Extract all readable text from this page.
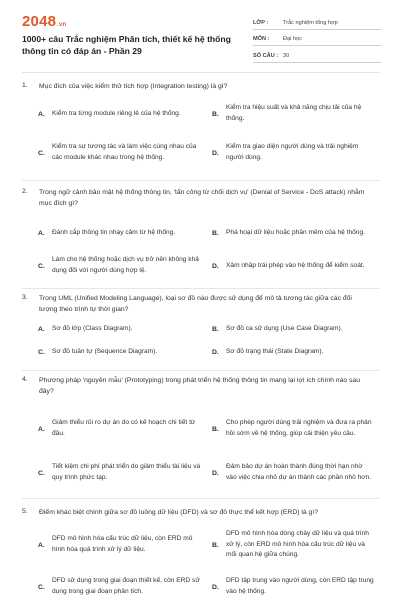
2048.vn
1000+ câu Trắc nghiệm Phân tích, thiết kế hệ thống thông tin có đáp án - Phần 29
LỚP :	Trắc nghiệm tổng hợp
MÔN :	Đại học
SỐ CÂU : 30
1. Mục đích của việc kiểm thử tích hợp (Integration testing) là gì?
A.	Kiểm tra từng module riêng lẻ của hệ thống.	B.
Kiểm tra hiệu suất và khả năng chịu tải của hệ thống.
C.
Kiểm tra sự tương tác và làm việc cùng nhau của các module khác nhau trong hệ thống.
D.
Kiểm tra giao diện người dùng và trải nghiệm người dùng.
2. Trong ngữ cảnh bảo mật hệ thống thông tin, 'tấn công từ chối dịch vụ' (Denial of Service - DoS attack) nhằm mục đích gì?
A.	Đánh cắp thông tin nhạy cảm từ hệ thống.	B.	Phá hoại dữ liệu hoặc phần mềm của hệ thống.
C.
Làm cho hệ thống hoặc dịch vụ trở nên không khả dụng đối với người dùng hợp lệ.
D.	Xâm nhập trái phép vào hệ thống để kiểm soát.
3. Trong UML (Unified Modeling Language), loại sơ đồ nào được sử dụng để mô tả tương tác giữa các đối tượng theo trình tự thời gian?
A.	Sơ đồ lớp (Class Diagram).	B.	Sơ đồ ca sử dụng (Use Case Diagram).
C.	Sơ đồ tuần tự (Sequence Diagram).	D.	Sơ đồ trạng thái (State Diagram).
4. Phương pháp 'nguyên mẫu' (Prototyping) trong phát triển hệ thống thông tin mang lại lợi ích chính nào sau đây?
A.
Giảm thiểu rủi ro dự án do có kế hoạch chi tiết từ đầu.
B.
Cho phép người dùng trải nghiệm và đưa ra phản hồi sớm về hệ thống, giúp cải thiện yêu cầu.
C.
Tiết kiệm chi phí phát triển do giảm thiểu tài liệu và quy trình phức tạp.
D.
Đảm bảo dự án hoàn thành đúng thời hạn nhờ vào việc chia nhỏ dự án thành các phần nhỏ hơn.
5. Điểm khác biệt chính giữa sơ đồ luồng dữ liệu (DFD) và sơ đồ thực thể kết hợp (ERD) là gì?
A.
DFD mô hình hóa cấu trúc dữ liệu, còn ERD mô hình hóa quá trình xử lý dữ liệu.
B.
DFD mô hình hóa dòng chảy dữ liệu và quá trình xử lý, còn ERD mô hình hóa cấu trúc dữ liệu và mối quan hệ giữa chúng.
C.
DFD sử dụng trong giai đoạn thiết kế, còn ERD sử dụng trong giai đoạn phân tích.
D.
DFD tập trung vào người dùng, còn ERD tập trung vào hệ thống.
